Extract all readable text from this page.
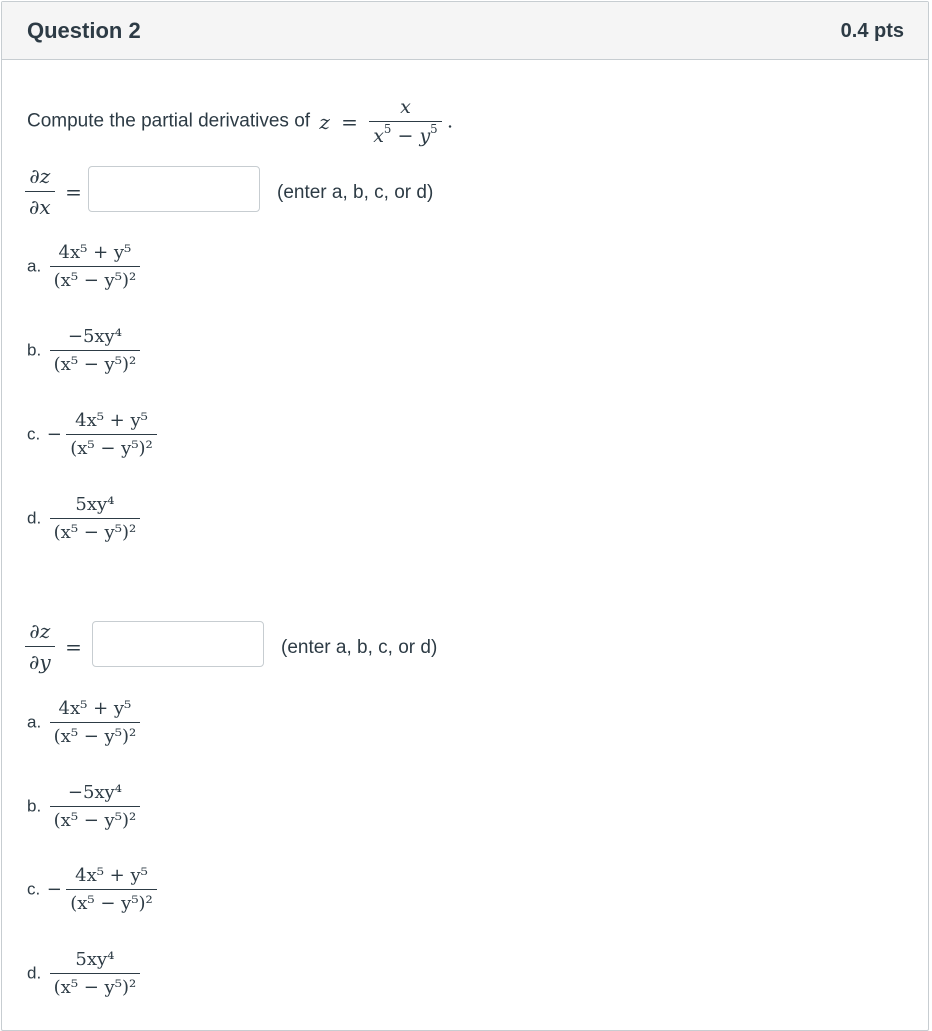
Question 2	0.4 pts
Compute the partial derivatives of $z = \frac{x}{x^5 - y^5}$ .
$\frac{\partial z}{\partial x}$ =	(enter a, b, c, or d)
a. $\frac{\text{4x⁵ + y⁵}}{\text{(x⁵ − y⁵)²}}$
b. $\frac{\text{−5xy⁴}}{\text{(x⁵ − y⁵)²}}$
c. − $\frac{\text{4x⁵ + y⁵}}{\text{(x⁵ − y⁵)²}}$
d. $\frac{\text{5xy⁴}}{\text{(x⁵ − y⁵)²}}$
$\frac{\partial z}{\partial y}$ =	(enter a, b, c, or d)
a. $\frac{\text{4x⁵ + y⁵}}{\text{(x⁵ − y⁵)²}}$
b. $\frac{\text{−5xy⁴}}{\text{(x⁵ − y⁵)²}}$
c. − $\frac{\text{4x⁵ + y⁵}}{\text{(x⁵ − y⁵)²}}$
d. $\frac{\text{5xy⁴}}{\text{(x⁵ − y⁵)²}}$
